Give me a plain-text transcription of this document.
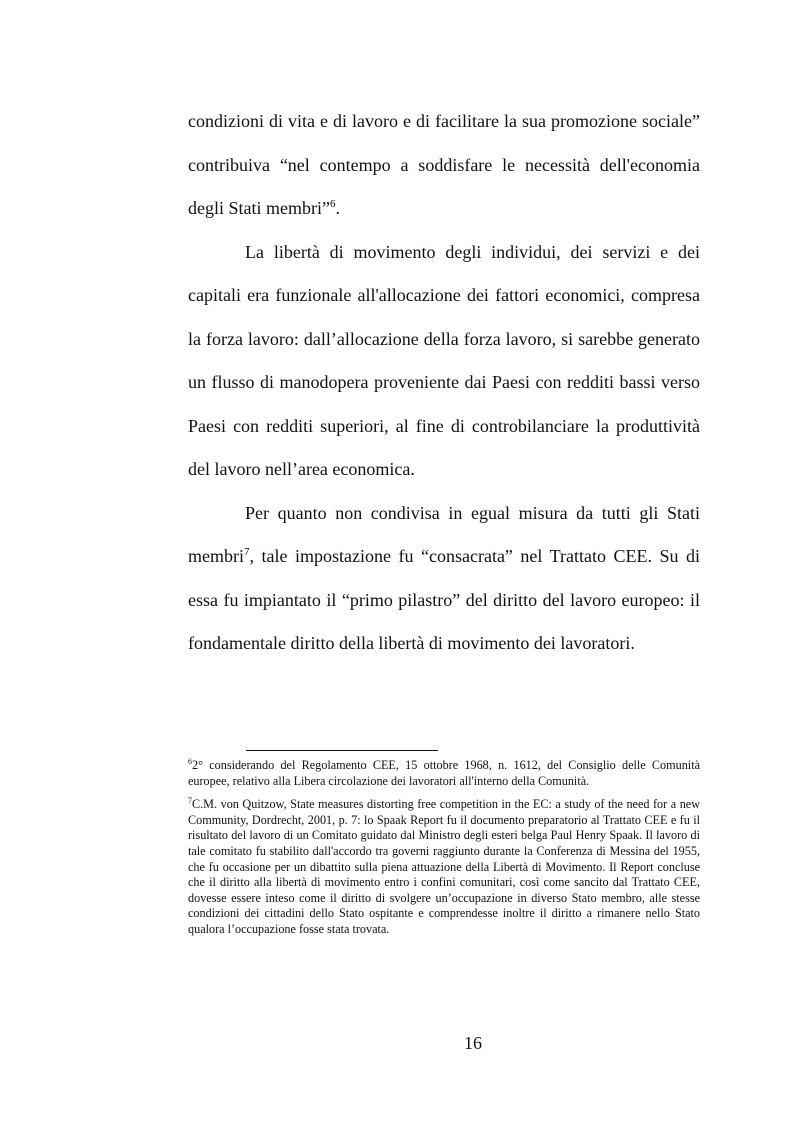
condizioni di vita e di lavoro e di facilitare la sua promozione sociale” contribuiva “nel contempo a soddisfare le necessità dell'economia degli Stati membri”$^6$.

La libertà di movimento degli individui, dei servizi e dei capitali era funzionale all'allocazione dei fattori economici, compresa la forza lavoro: dall’allocazione della forza lavoro, si sarebbe generato un flusso di manodopera proveniente dai Paesi con redditi bassi verso Paesi con redditi superiori, al fine di controbilanciare la produttività del lavoro nell’area economica.

Per quanto non condivisa in egual misura da tutti gli Stati membri$^7$, tale impostazione fu “consacrata” nel Trattato CEE. Su di essa fu impiantato il “primo pilastro” del diritto del lavoro europeo: il fondamentale diritto della libertà di movimento dei lavoratori.

$^6$2° considerando del Regolamento CEE, 15 ottobre 1968, n. 1612, del Consiglio delle Comunità europee, relativo alla Libera circolazione dei lavoratori all'interno della Comunità.

$^7$C.M. von Quitzow, State measures distorting free competition in the EC: a study of the need for a new Community, Dordrecht, 2001, p. 7: lo Spaak Report fu il documento preparatorio al Trattato CEE e fu il risultato del lavoro di un Comitato guidato dal Ministro degli esteri belga Paul Henry Spaak. Il lavoro di tale comitato fu stabilito dall'accordo tra governi raggiunto durante la Conferenza di Messina del 1955, che fu occasione per un dibattito sulla piena attuazione della Libertà di Movimento. Il Report concluse che il diritto alla libertà di movimento entro i confini comunitari, così come sancito dal Trattato CEE, dovesse essere inteso come il diritto di svolgere un’occupazione in diverso Stato membro, alle stesse condizioni dei cittadini dello Stato ospitante e comprendesse inoltre il diritto a rimanere nello Stato qualora l’occupazione fosse stata trovata.

16
